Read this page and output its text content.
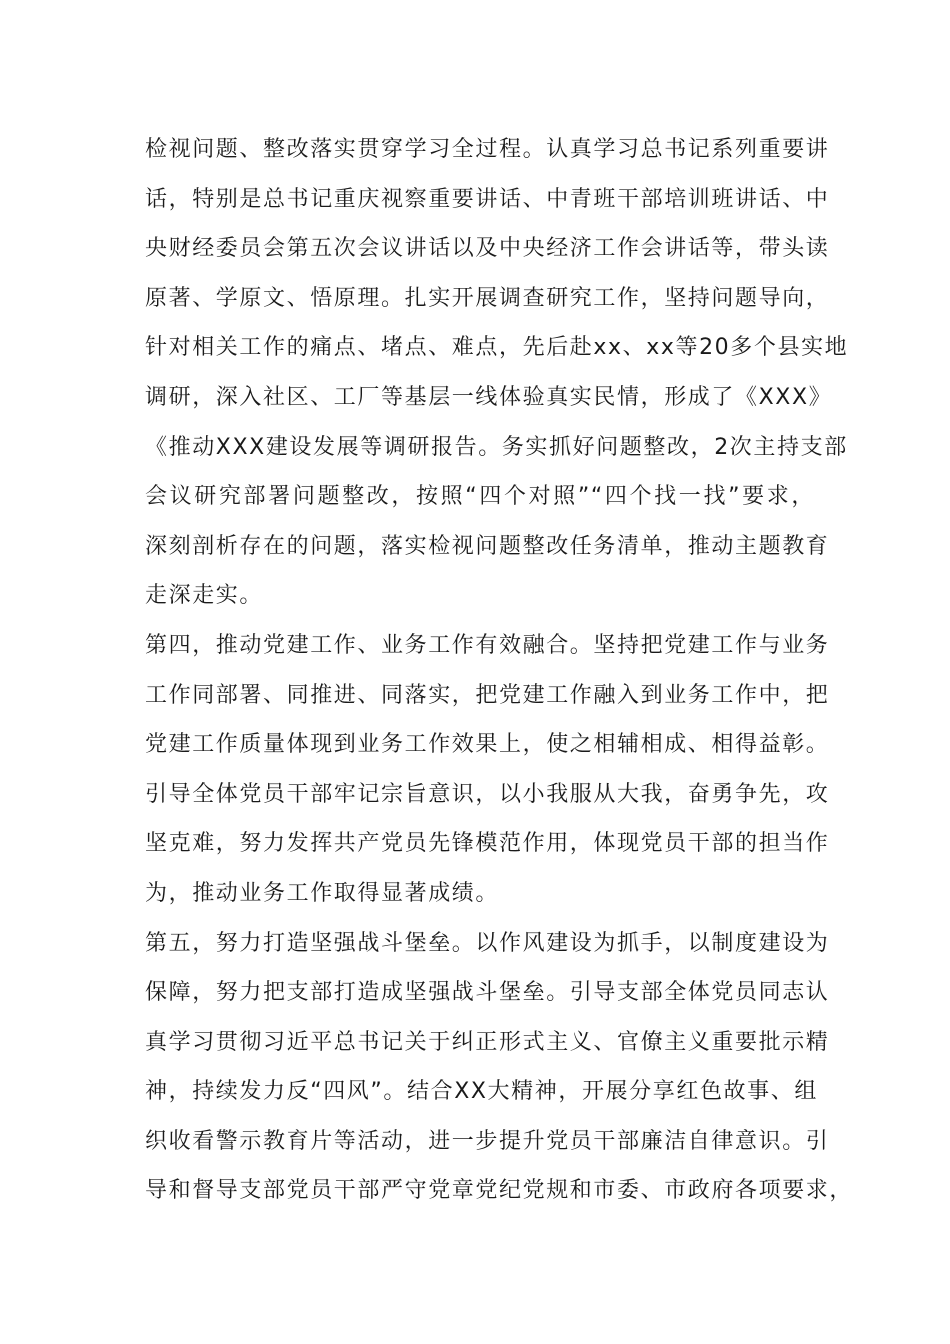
检视问题、整改落实贯穿学习全过程。认真学习总书记系列重要讲
话，特别是总书记重庆视察重要讲话、中青班干部培训班讲话、中
央财经委员会第五次会议讲话以及中央经济工作会讲话等，带头读
原著、学原文、悟原理。扎实开展调查研究工作，坚持问题导向，
针对相关工作的痛点、堵点、难点，先后赴xx、xx等20多个县实地
调研，深入社区、工厂等基层一线体验真实民情，形成了《XXX》
《推动XXX建设发展等调研报告。务实抓好问题整改，2次主持支部
会议研究部署问题整改，按照“四个对照”“四个找一找”要求，
深刻剖析存在的问题，落实检视问题整改任务清单，推动主题教育
走深走实。
第四，推动党建工作、业务工作有效融合。坚持把党建工作与业务
工作同部署、同推进、同落实，把党建工作融入到业务工作中，把
党建工作质量体现到业务工作效果上，使之相辅相成、相得益彰。
引导全体党员干部牢记宗旨意识，以小我服从大我，奋勇争先，攻
坚克难，努力发挥共产党员先锋模范作用，体现党员干部的担当作
为，推动业务工作取得显著成绩。
第五，努力打造坚强战斗堡垒。以作风建设为抓手，以制度建设为
保障，努力把支部打造成坚强战斗堡垒。引导支部全体党员同志认
真学习贯彻习近平总书记关于纠正形式主义、官僚主义重要批示精
神，持续发力反“四风”。结合XX大精神，开展分享红色故事、组
织收看警示教育片等活动，进一步提升党员干部廉洁自律意识。引
导和督导支部党员干部严守党章党纪党规和市委、市政府各项要求，
